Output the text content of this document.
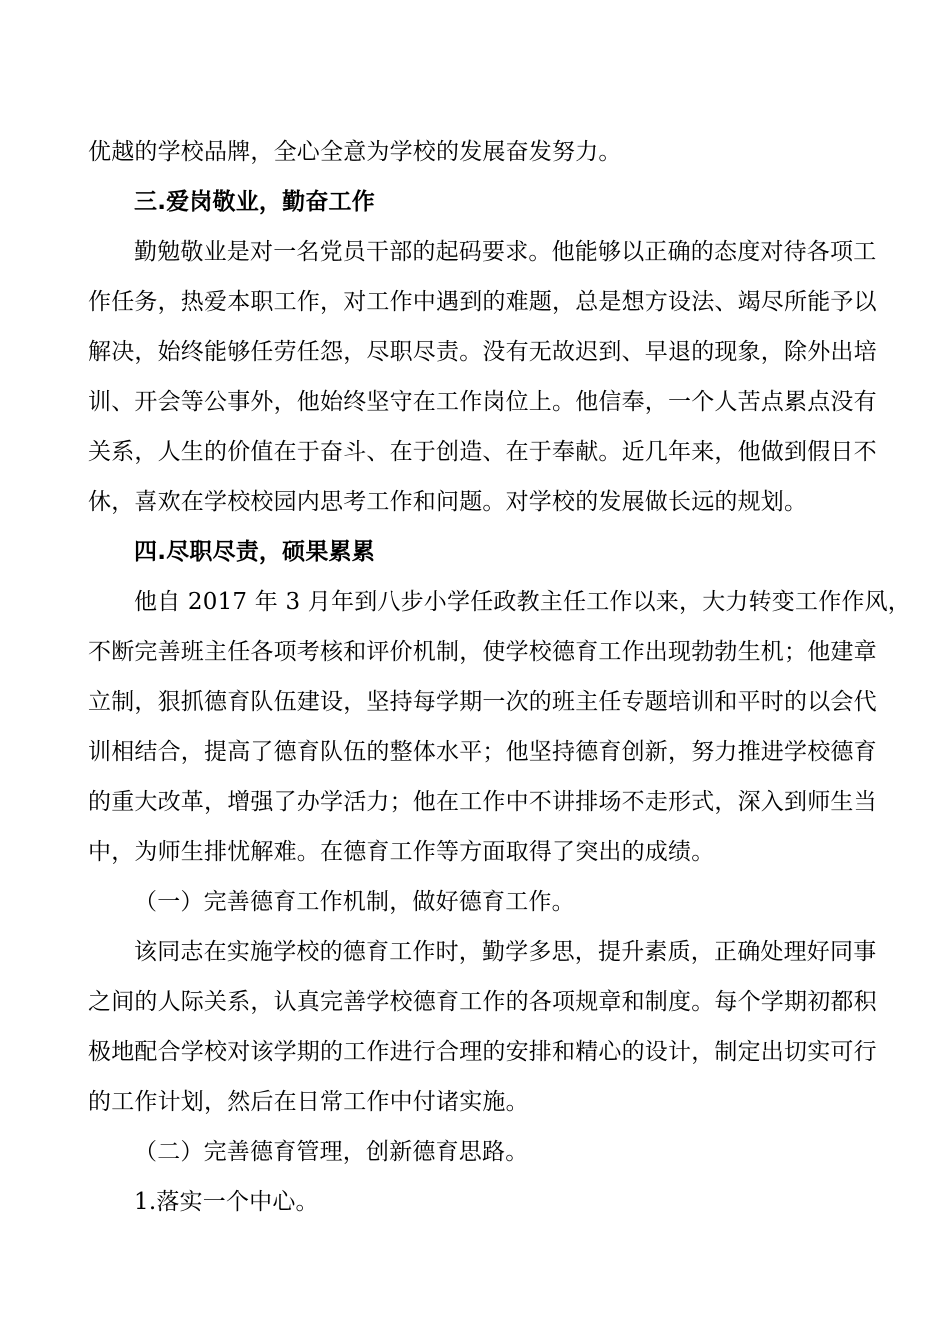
优越的学校品牌，全心全意为学校的发展奋发努力。
三.爱岗敬业，勤奋工作
勤勉敬业是对一名党员干部的起码要求。他能够以正确的态度对待各项工
作任务，热爱本职工作，对工作中遇到的难题，总是想方设法、竭尽所能予以
解决，始终能够任劳任怨，尽职尽责。没有无故迟到、早退的现象，除外出培
训、开会等公事外，他始终坚守在工作岗位上。他信奉，一个人苦点累点没有
关系，人生的价值在于奋斗、在于创造、在于奉献。近几年来，他做到假日不
休，喜欢在学校校园内思考工作和问题。对学校的发展做长远的规划。
四.尽职尽责，硕果累累
他自 2017 年 3 月年到八步小学任政教主任工作以来，大力转变工作作风，
不断完善班主任各项考核和评价机制，使学校德育工作出现勃勃生机；他建章
立制，狠抓德育队伍建设，坚持每学期一次的班主任专题培训和平时的以会代
训相结合，提高了德育队伍的整体水平；他坚持德育创新，努力推进学校德育
的重大改革，增强了办学活力；他在工作中不讲排场不走形式，深入到师生当
中，为师生排忧解难。在德育工作等方面取得了突出的成绩。
（一）完善德育工作机制，做好德育工作。
该同志在实施学校的德育工作时，勤学多思，提升素质，正确处理好同事
之间的人际关系，认真完善学校德育工作的各项规章和制度。每个学期初都积
极地配合学校对该学期的工作进行合理的安排和精心的设计，制定出切实可行
的工作计划，然后在日常工作中付诸实施。
（二）完善德育管理，创新德育思路。
1.落实一个中心。
